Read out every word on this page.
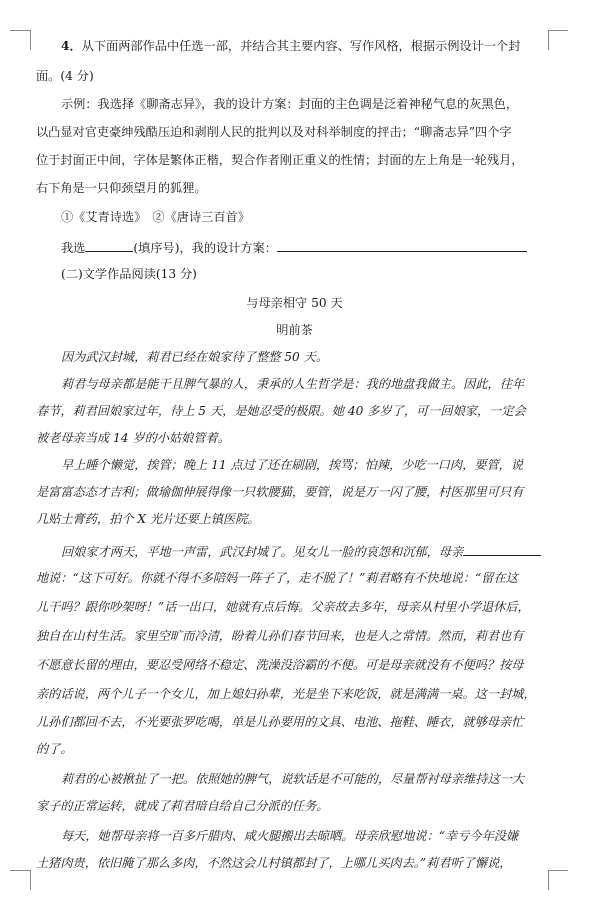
4．从下面两部作品中任选一部，并结合其主要内容、写作风格，根据示例设计一个封
面。(4 分)
示例：我选择《聊斋志异》，我的设计方案：封面的主色调是泛着神秘气息的灰黑色，
以凸显对官吏豪绅残酷压迫和剥削人民的批判以及对科举制度的抨击；“聊斋志异”四个字
位于封面正中间，字体是繁体正楷，契合作者刚正重义的性情；封面的左上角是一轮残月，
右下角是一只仰颈望月的狐狸。
①《艾青诗选》　②《唐诗三百首》
我选	(填序号)，我的设计方案：
(二)文学作品阅读(13 分)
与母亲相守 50 天
明前茶
因为武汉封城，莉君已经在娘家待了整整 50 天。
莉君与母亲都是能干且脾气暴的人，秉承的人生哲学是：我的地盘我做主。因此，往年
春节，莉君回娘家过年，待上 5 天，是她忍受的极限。她 40 多岁了，可一回娘家，一定会
被老母亲当成 14 岁的小姑娘管着。
早上睡个懒觉，挨管；晚上 11 点过了还在刷剧，挨骂；怕辣，少吃一口肉，要管，说
是富富态态才吉利；做瑜伽伸展得像一只软腰猫，要管，说是万一闪了腰，村医那里可只有
几贴土膏药，拍个 X 光片还要上镇医院。
回娘家才两天，平地一声雷，武汉封城了。见女儿一脸的哀怨和沉郁，母亲
地说：“这下可好。你就不得不多陪妈一阵子了，走不脱了！”莉君略有不快地说：“留在这
儿干吗？跟你吵架呀！”话一出口，她就有点后悔。父亲故去多年，母亲从村里小学退休后，
独自在山村生活。家里空旷而冷清，盼着儿孙们春节回来，也是人之常情。然而，莉君也有
不愿意长留的理由，要忍受网络不稳定、洗澡没浴霸的不便。可是母亲就没有不便吗？按母
亲的话说，两个儿子一个女儿，加上媳妇孙辈，光是坐下来吃饭，就是满满一桌。这一封城，
儿孙们都回不去，不光要张罗吃喝，单是儿孙要用的文具、电池、拖鞋、睡衣，就够母亲忙
的了。
莉君的心被揪扯了一把。依照她的脾气，说软话是不可能的，尽量帮衬母亲维持这一大
家子的正常运转，就成了莉君暗自给自己分派的任务。
每天，她帮母亲将一百多斤腊肉、咸火腿搬出去晾晒。母亲欣慰地说：“幸亏今年没嫌
土猪肉贵，依旧腌了那么多肉，不然这会儿村镇都封了，上哪儿买肉去。”莉君听了懈说，
